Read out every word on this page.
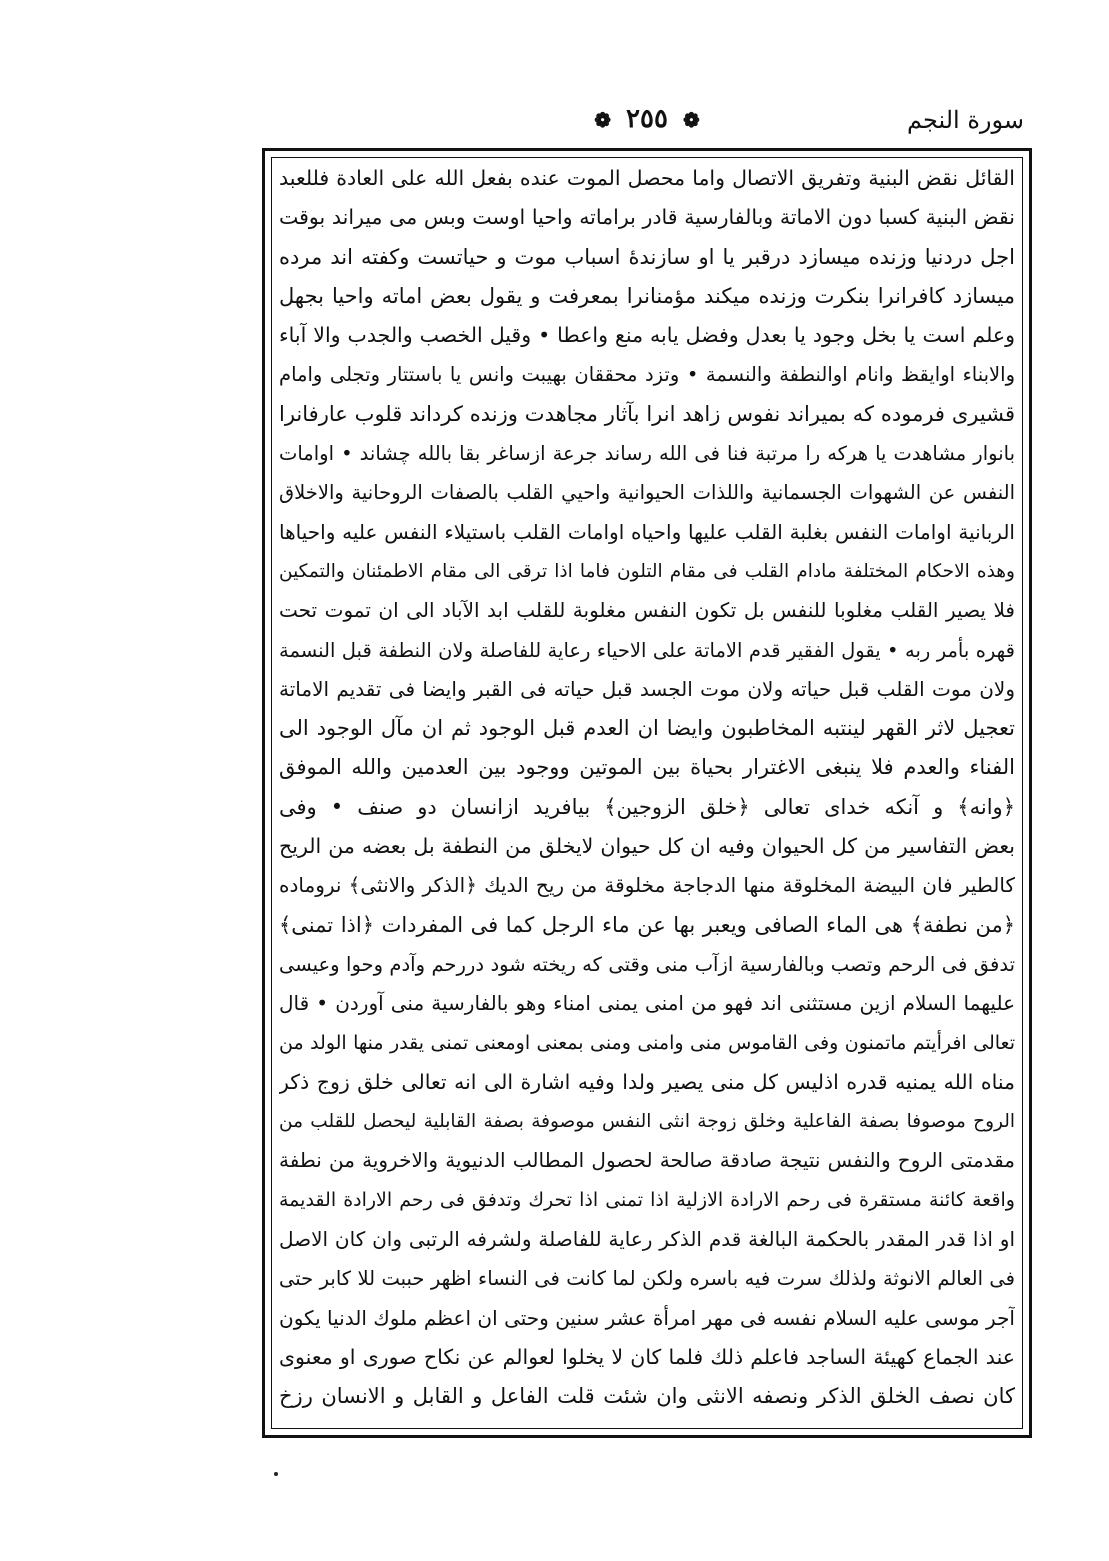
سورة النجم
❁ ٢٥٥ ❁
القائل نقض البنية وتفريق الاتصال واما محصل الموت عنده بفعل الله على العادة فللعبد
نقض البنية كسبا دون الاماتة وبالفارسية قادر براماته واحيا اوست وبس مى ميراند بوقت
اجل دردنيا وزنده ميسازد درقبر يا او سازندهٔ اسباب موت و حياتست وكفته اند مرده
ميسازد كافرانرا بنكرت وزنده ميكند مؤمنانرا بمعرفت و يقول بعض اماته واحيا بجهل
وعلم است يا بخل وجود يا بعدل وفضل يابه منع واعطا • وقيل الخصب والجدب والا آباء
والابناء اوايقظ وانام اوالنطفة والنسمة • وتزد محققان بهيبت وانس يا باستتار وتجلى وامام
قشيرى فرموده كه بميراند نفوس زاهد انرا بآثار مجاهدت وزنده كرداند قلوب عارفانرا
بانوار مشاهدت يا هركه را مرتبة فنا فى الله رساند جرعة ازساغر بقا بالله چشاند • اوامات
النفس عن الشهوات الجسمانية واللذات الحيوانية واحيي القلب بالصفات الروحانية والاخلاق
الربانية اوامات النفس بغلبة القلب عليها واحياه اوامات القلب باستيلاء النفس عليه واحياها
وهذه الاحكام المختلفة مادام القلب فى مقام التلون فاما اذا ترقى الى مقام الاطمئنان والتمكين
فلا يصير القلب مغلوبا للنفس بل تكون النفس مغلوبة للقلب ابد الآباد الى ان تموت تحت
قهره بأمر ربه • يقول الفقير قدم الاماتة على الاحياء رعاية للفاصلة ولان النطفة قبل النسمة
ولان موت القلب قبل حياته ولان موت الجسد قبل حياته فى القبر وايضا فى تقديم الاماتة
تعجيل لاثر القهر لينتبه المخاطبون وايضا ان العدم قبل الوجود ثم ان مآل الوجود الى
الفناء والعدم فلا ينبغى الاغترار بحياة بين الموتين ووجود بين العدمين والله الموفق
﴿وانه﴾ و آنكه خداى تعالى ﴿خلق الزوجين﴾ بيافريد ازانسان دو صنف • وفى
بعض التفاسير من كل الحيوان وفيه ان كل حيوان لايخلق من النطفة بل بعضه من الريح
كالطير فان البيضة المخلوقة منها الدجاجة مخلوقة من ريح الديك ﴿الذكر والانثى﴾ نروماده
﴿من نطفة﴾ هى الماء الصافى ويعبر بها عن ماء الرجل كما فى المفردات ﴿اذا تمنى﴾
تدفق فى الرحم وتصب وبالفارسية ازآب منى وقتى كه ريخته شود دررحم وآدم وحوا وعيسى
عليهما السلام ازين مستثنى اند فهو من امنى يمنى امناء وهو بالفارسية منى آوردن • قال
تعالى افرأيتم ماتمنون وفى القاموس منى وامنى ومنى بمعنى اومعنى تمنى يقدر منها الولد من
مناه الله يمنيه قدره اذليس كل منى يصير ولدا وفيه اشارة الى انه تعالى خلق زوج ذكر
الروح موصوفا بصفة الفاعلية وخلق زوجة انثى النفس موصوفة بصفة القابلية ليحصل للقلب من
مقدمتى الروح والنفس نتيجة صادقة صالحة لحصول المطالب الدنيوية والاخروية من نطفة
واقعة كائنة مستقرة فى رحم الارادة الازلية اذا تمنى اذا تحرك وتدفق فى رحم الارادة القديمة
او اذا قدر المقدر بالحكمة البالغة قدم الذكر رعاية للفاصلة ولشرفه الرتبى وان كان الاصل
فى العالم الانوثة ولذلك سرت فيه باسره ولكن لما كانت فى النساء اظهر حببت للا كابر حتى
آجر موسى عليه السلام نفسه فى مهر امرأة عشر سنين وحتى ان اعظم ملوك الدنيا يكون
عند الجماع كهيئة الساجد فاعلم ذلك فلما كان لا يخلوا لعوالم عن نكاح صورى او معنوى
كان نصف الخلق الذكر ونصفه الانثى وان شئت قلت الفاعل و القابل و الانسان رزخ
